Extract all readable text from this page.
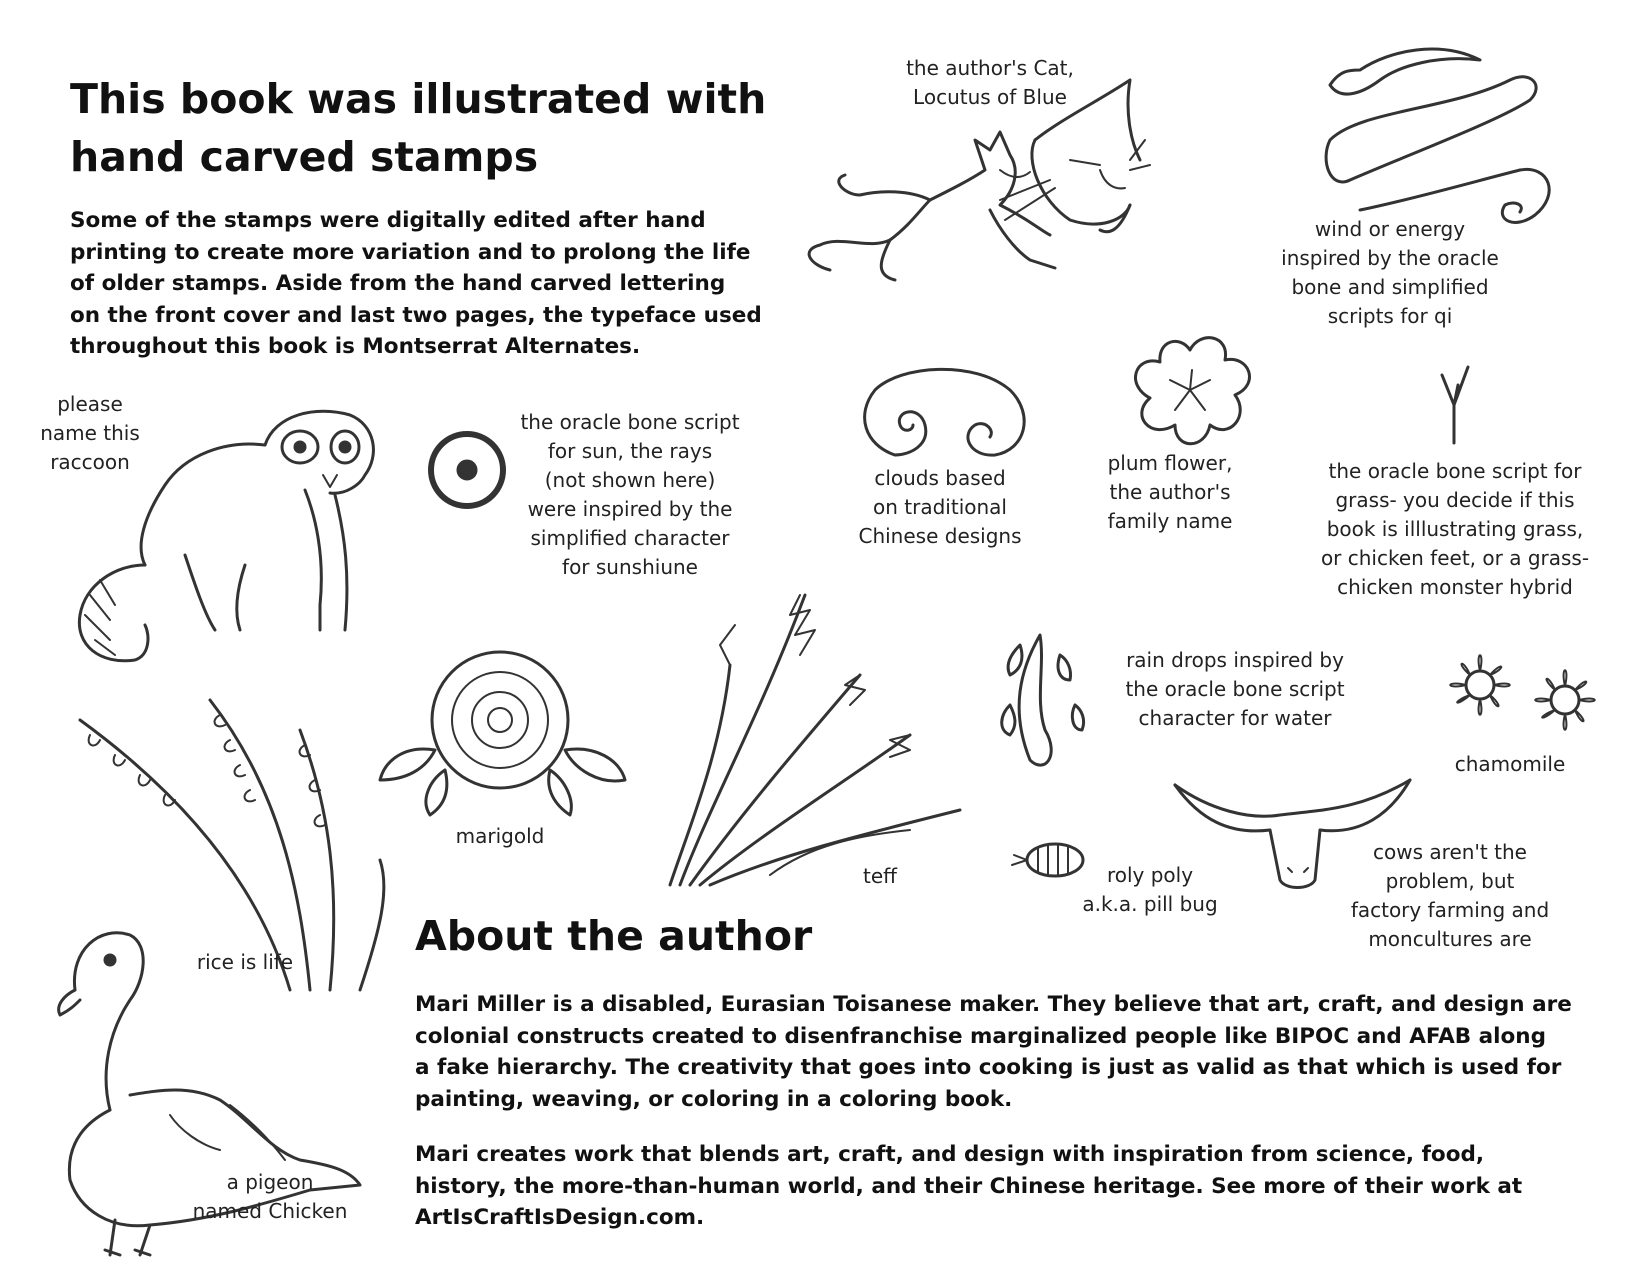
This book was illustrated with
hand carved stamps
Some of the stamps were digitally edited after hand
printing to create more variation and to prolong the life
of older stamps. Aside from the hand carved lettering
on the front cover and last two pages, the typeface used
throughout this book is Montserrat Alternates.
the author's Cat,
Locutus of Blue
wind or energy
inspired by the oracle
bone and simplified
scripts for qi
please
name this
raccoon
the oracle bone script
for sun, the rays
(not shown here)
were inspired by the
simplified character
for sunshiune
clouds based
on traditional
Chinese designs
plum flower,
the author's
family name
the oracle bone script for
grass- you decide if this
book is illlustrating grass,
or chicken feet, or a grass-
chicken monster hybrid
marigold
teff
rain drops inspired by
the oracle bone script
character for water
chamomile
roly poly
a.k.a. pill bug
cows aren't the
problem, but
factory farming and
moncultures are
rice is life
a pigeon
named Chicken
About the author
Mari Miller is a disabled, Eurasian Toisanese maker. They believe that art, craft, and design are
colonial constructs created to disenfranchise marginalized people like BIPOC and AFAB along
a fake hierarchy. The creativity that goes into cooking is just as valid as that which is used for
painting, weaving, or coloring in a coloring book.
Mari creates work that blends art, craft, and design with inspiration from science, food,
history, the more-than-human world, and their Chinese heritage. See more of their work at
ArtIsCraftIsDesign.com.
